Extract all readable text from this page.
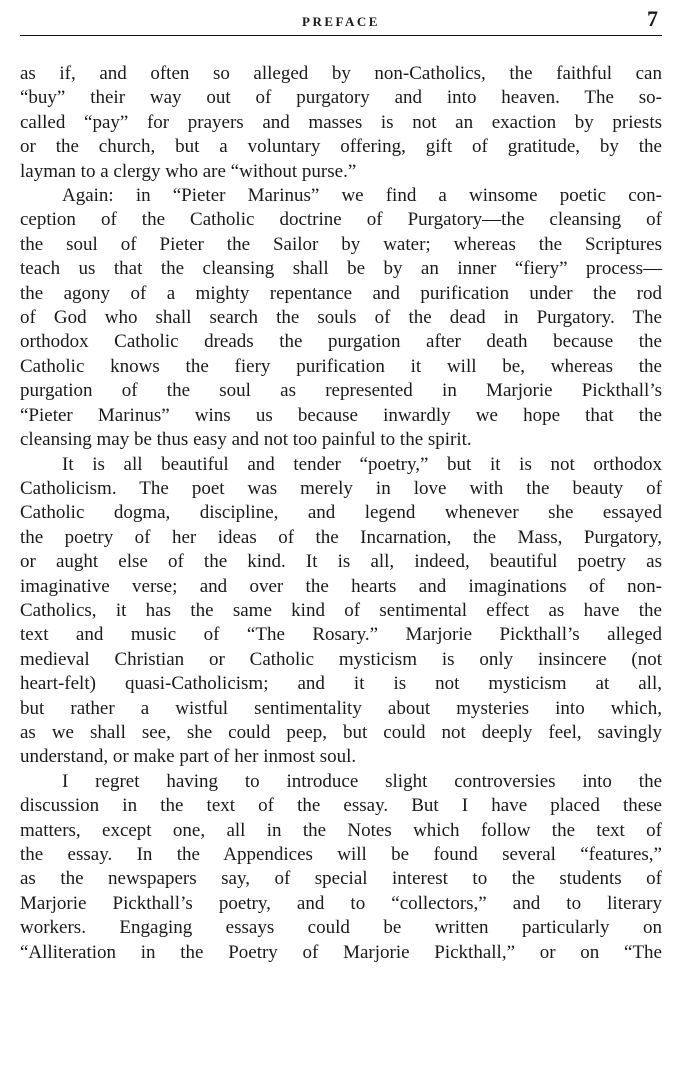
PREFACE	7

as if, and often so alleged by non-Catholics, the faithful can
“buy” their way out of purgatory and into heaven. The so-
called “pay” for prayers and masses is not an exaction by priests
or the church, but a voluntary offering, gift of gratitude, by the
layman to a clergy who are “without purse.”

Again: in “Pieter Marinus” we find a winsome poetic con-
ception of the Catholic doctrine of Purgatory—the cleansing of
the soul of Pieter the Sailor by water; whereas the Scriptures
teach us that the cleansing shall be by an inner “fiery” process—
the agony of a mighty repentance and purification under the rod
of God who shall search the souls of the dead in Purgatory. The
orthodox Catholic dreads the purgation after death because the
Catholic knows the fiery purification it will be, whereas the
purgation of the soul as represented in Marjorie Pickthall’s
“Pieter Marinus” wins us because inwardly we hope that the
cleansing may be thus easy and not too painful to the spirit.

It is all beautiful and tender “poetry,” but it is not orthodox
Catholicism. The poet was merely in love with the beauty of
Catholic dogma, discipline, and legend whenever she essayed
the poetry of her ideas of the Incarnation, the Mass, Purgatory,
or aught else of the kind. It is all, indeed, beautiful poetry as
imaginative verse; and over the hearts and imaginations of non-
Catholics, it has the same kind of sentimental effect as have the
text and music of “The Rosary.” Marjorie Pickthall’s alleged
medieval Christian or Catholic mysticism is only insincere (not
heart-felt) quasi-Catholicism; and it is not mysticism at all,
but rather a wistful sentimentality about mysteries into which,
as we shall see, she could peep, but could not deeply feel, savingly
understand, or make part of her inmost soul.

I regret having to introduce slight controversies into the
discussion in the text of the essay. But I have placed these
matters, except one, all in the Notes which follow the text of
the essay. In the Appendices will be found several “features,”
as the newspapers say, of special interest to the students of
Marjorie Pickthall’s poetry, and to “collectors,” and to literary
workers. Engaging essays could be written particularly on
“Alliteration in the Poetry of Marjorie Pickthall,” or on “The
